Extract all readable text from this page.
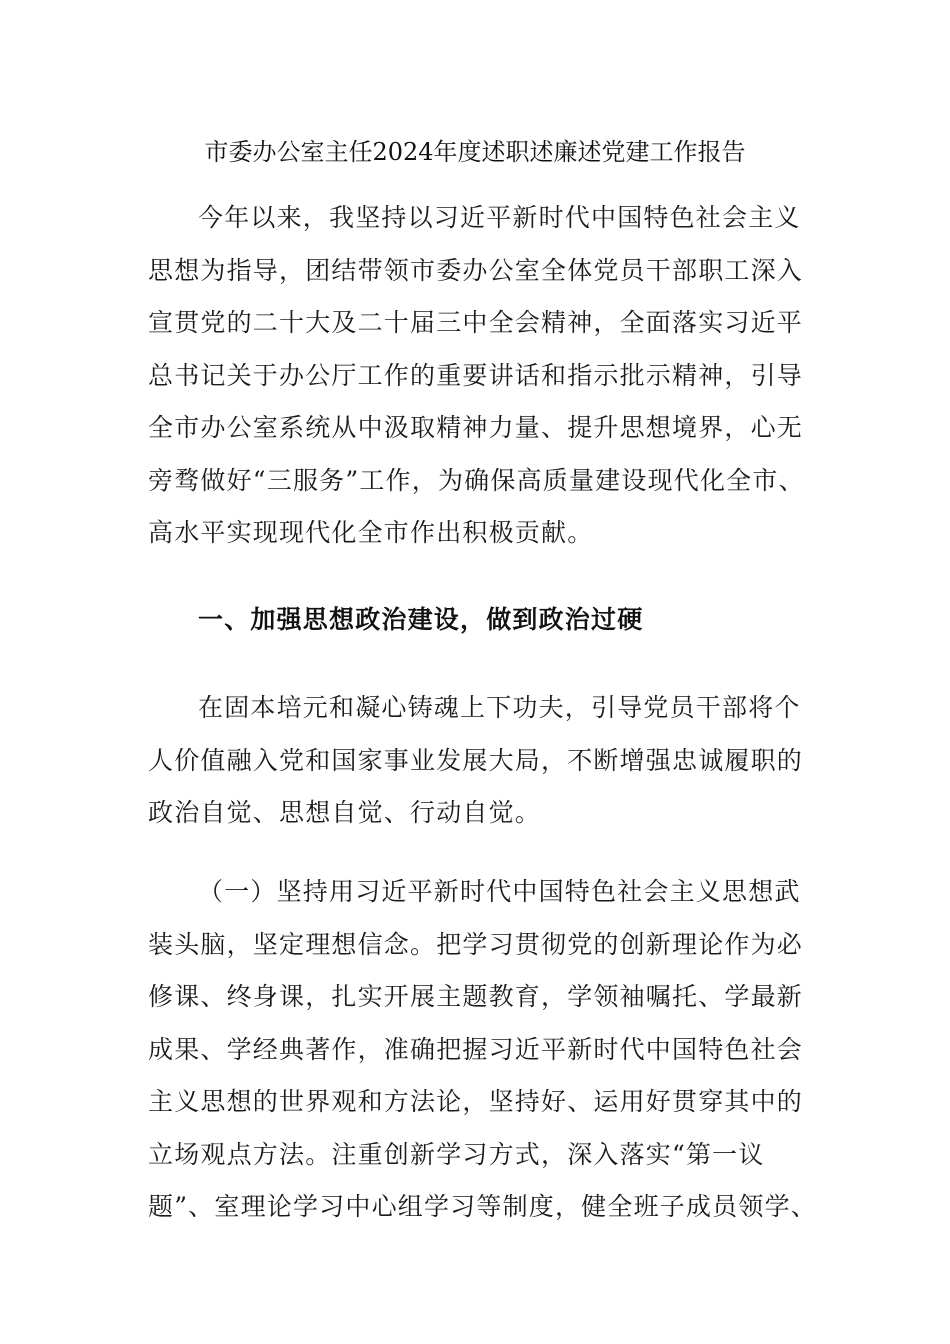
市委办公室主任2024年度述职述廉述党建工作报告
今年以来，我坚持以习近平新时代中国特色社会主义
思想为指导，团结带领市委办公室全体党员干部职工深入
宣贯党的二十大及二十届三中全会精神，全面落实习近平
总书记关于办公厅工作的重要讲话和指示批示精神，引导
全市办公室系统从中汲取精神力量、提升思想境界，心无
旁骛做好“三服务”工作，为确保高质量建设现代化全市、
高水平实现现代化全市作出积极贡献。
一、加强思想政治建设，做到政治过硬
在固本培元和凝心铸魂上下功夫，引导党员干部将个
人价值融入党和国家事业发展大局，不断增强忠诚履职的
政治自觉、思想自觉、行动自觉。
（一）坚持用习近平新时代中国特色社会主义思想武
装头脑，坚定理想信念。把学习贯彻党的创新理论作为必
修课、终身课，扎实开展主题教育，学领袖嘱托、学最新
成果、学经典著作，准确把握习近平新时代中国特色社会
主义思想的世界观和方法论，坚持好、运用好贯穿其中的
立场观点方法。注重创新学习方式，深入落实“第一议
题”、室理论学习中心组学习等制度，健全班子成员领学、
